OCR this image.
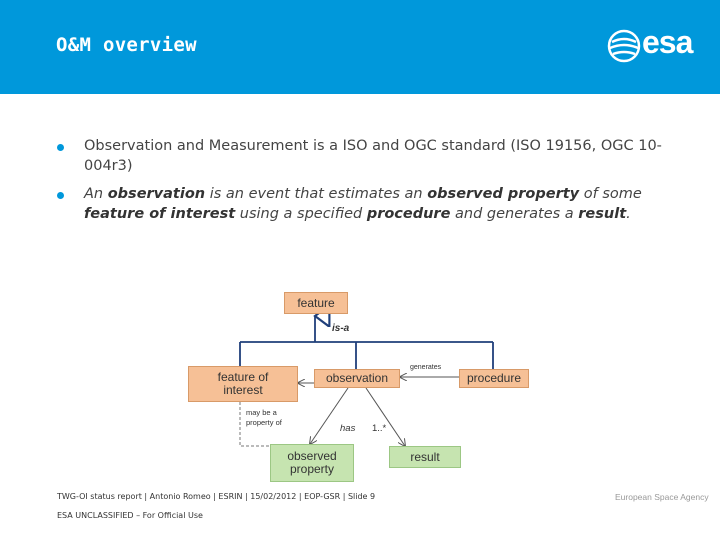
O&M overview	esa
Observation and Measurement is a ISO and OGC standard (ISO 19156, OGC 10-004r3)
An observation is an event that estimates an observed property of some feature of interest using a specified procedure and generates a result.
feature
is-a
feature of interest
observation	procedure
generates
may be a property of
has 1..*
observed property
result
TWG-OI status report | Antonio Romeo | ESRIN | 15/02/2012 | EOP-GSR | Slide 9
ESA UNCLASSIFIED – For Official Use
European Space Agency
